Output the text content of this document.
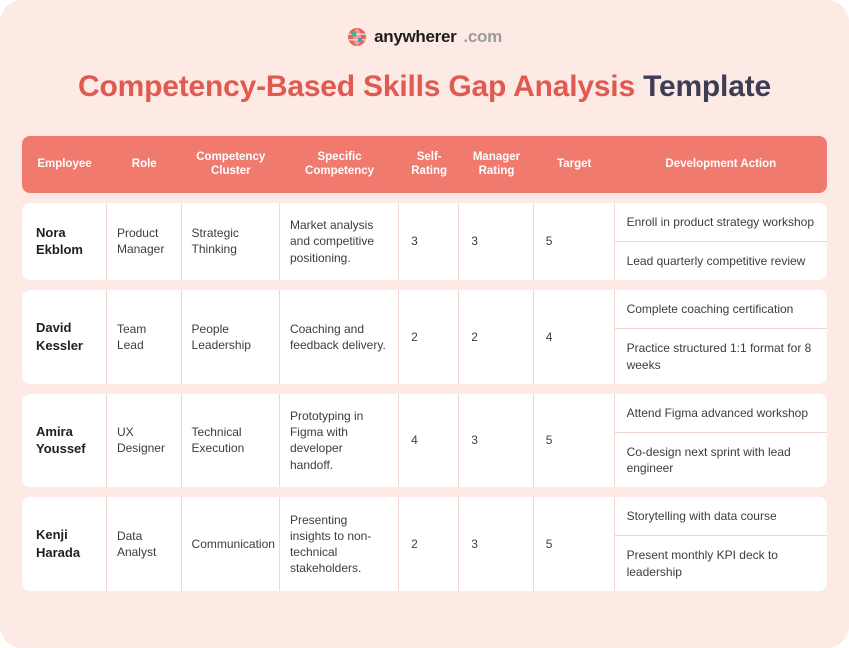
anywherer .com
Competency-Based Skills Gap Analysis Template
Employee	Role	Competency Cluster	Specific Competency	Self-Rating	Manager Rating	Target	Development Action
Nora Ekblom	Product Manager	Strategic Thinking	Market analysis and competitive positioning.	3	3	5	Enroll in product strategy workshop
Lead quarterly competitive review

David Kessler	Team Lead	People Leadership	Coaching and feedback delivery.	2	2	4	Complete coaching certification
Practice structured 1:1 format for 8 weeks

Amira Youssef	UX Designer	Technical Execution	Prototyping in Figma with developer handoff.	4	3	5	Attend Figma advanced workshop
Co-design next sprint with lead engineer

Kenji Harada	Data Analyst	Communication	Presenting insights to non-technical stakeholders.	2	3	5	Storytelling with data course
Present monthly KPI deck to leadership
